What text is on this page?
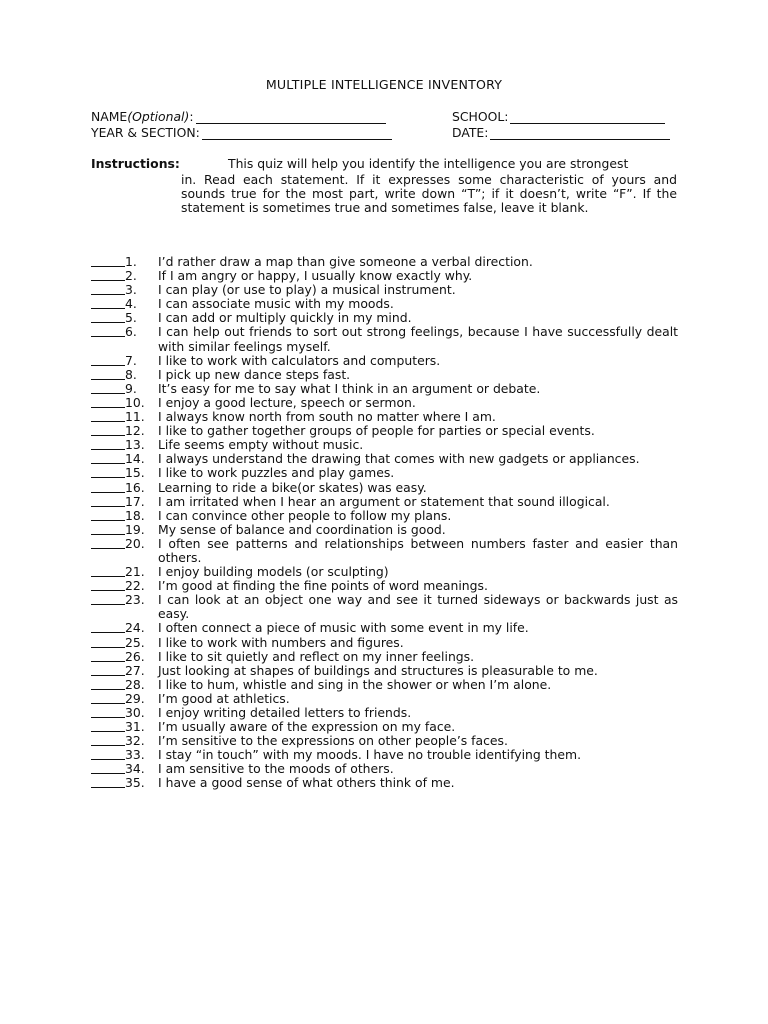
MULTIPLE INTELLIGENCE INVENTORY
NAME(Optional):	SCHOOL:
YEAR & SECTION:	DATE:
Instructions:	This quiz will help you identify the intelligence you are strongest
in. Read each statement. If it expresses some characteristic of yours and sounds true for the most part, write down “T”; if it doesn’t, write “F”. If the statement is sometimes true and sometimes false, leave it blank.
1.	I’d rather draw a map than give someone a verbal direction.
2.	If I am angry or happy, I usually know exactly why.
3.	I can play (or use to play) a musical instrument.
4.	I can associate music with my moods.
5.	I can add or multiply quickly in my mind.
6.	I can help out friends to sort out strong feelings, because I have successfully dealt with similar feelings myself.
7.	I like to work with calculators and computers.
8.	I pick up new dance steps fast.
9.	It’s easy for me to say what I think in an argument or debate.
10.	I enjoy a good lecture, speech or sermon.
11.	I always know north from south no matter where I am.
12.	I like to gather together groups of people for parties or special events.
13.	Life seems empty without music.
14.	I always understand the drawing that comes with new gadgets or appliances.
15.	I like to work puzzles and play games.
16.	Learning to ride a bike(or skates) was easy.
17.	I am irritated when I hear an argument or statement that sound illogical.
18.	I can convince other people to follow my plans.
19.	My sense of balance and coordination is good.
20.	I often see patterns and relationships between numbers faster and easier than others.
21.	I enjoy building models (or sculpting)
22.	I’m good at finding the fine points of word meanings.
23.	I can look at an object one way and see it turned sideways or backwards just as easy.
24.	I often connect a piece of music with some event in my life.
25.	I like to work with numbers and figures.
26.	I like to sit quietly and reflect on my inner feelings.
27.	Just looking at shapes of buildings and structures is pleasurable to me.
28.	I like to hum, whistle and sing in the shower or when I’m alone.
29.	I’m good at athletics.
30.	I enjoy writing detailed letters to friends.
31.	I’m usually aware of the expression on my face.
32.	I’m sensitive to the expressions on other people’s faces.
33.	I stay “in touch” with my moods. I have no trouble identifying them.
34.	I am sensitive to the moods of others.
35.	I have a good sense of what others think of me.
